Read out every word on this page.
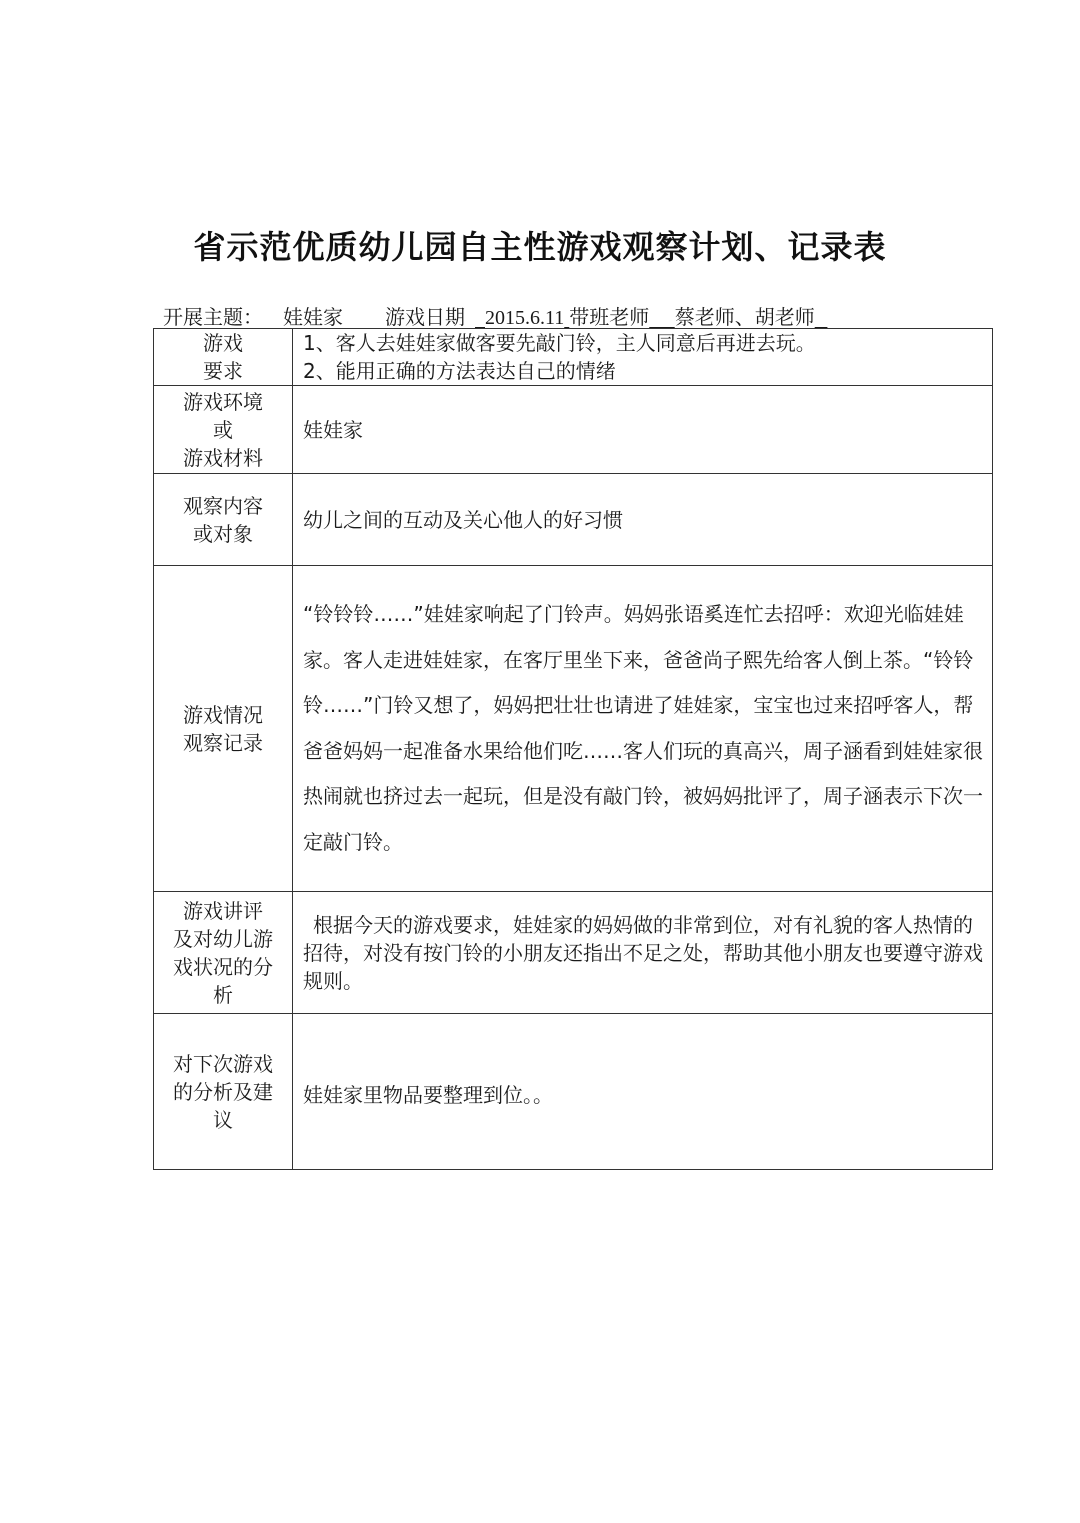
省示范优质幼儿园自主性游戏观察计划、记录表
开展主题： 娃娃家 游戏日期 2015.6.11 带班老师 蔡老师、胡老师
游戏
要求	1、客人去娃娃家做客要先敲门铃，主人同意后再进去玩。
2、能用正确的方法表达自己的情绪

游戏环境
或
游戏材料	娃娃家

观察内容
或对象	幼儿之间的互动及关心他人的好习惯

游戏情况
观察记录	“铃铃铃……”娃娃家响起了门铃声。妈妈张语奚连忙去招呼：欢迎光临娃娃家。客人走进娃娃家，在客厅里坐下来，爸爸尚子熙先给客人倒上茶。“铃铃铃……”门铃又想了，妈妈把壮壮也请进了娃娃家，宝宝也过来招呼客人，帮爸爸妈妈一起准备水果给他们吃……客人们玩的真高兴，周子涵看到娃娃家很热闹就也挤过去一起玩，但是没有敲门铃，被妈妈批评了，周子涵表示下次一定敲门铃。

游戏讲评
及对幼儿游
戏状况的分
析	根据今天的游戏要求，娃娃家的妈妈做的非常到位，对有礼貌的客人热情的招待，对没有按门铃的小朋友还指出不足之处，帮助其他小朋友也要遵守游戏规则。

对下次游戏
的分析及建
议	娃娃家里物品要整理到位。。
